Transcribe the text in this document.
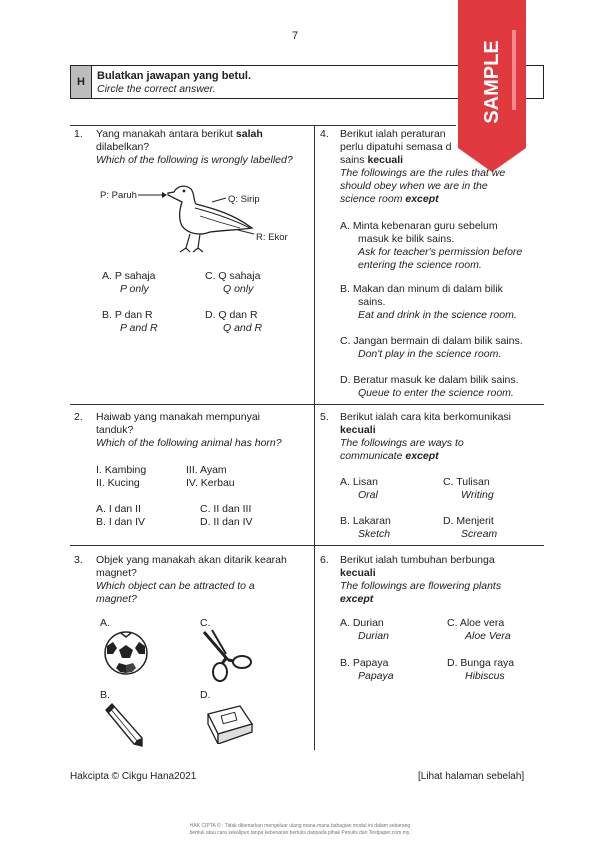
7
H	Bulatkan jawapan yang betul.
Circle the correct answer.	SAMPLE
1. Yang manakah antara berikut salah
dilabelkan?
Which of the following is wrongly labelled?
P: Paruh	Q: Sirip
R: Ekor
A. P sahaja
P only
C. Q sahaja
Q only
B. P dan R
P and R
D. Q dan R
Q and R
2. Haiwab yang manakah mempunyai
tanduk?
Which of the following animal has horn?
I. Kambing	III. Ayam
II. Kucing	IV. Kerbau
A. I dan II	C. II dan III
B. I dan IV	D. II dan IV
3. Objek yang manakah akan ditarik kearah
magnet?
Which object can be attracted to a
magnet?
A.	C.
B.	D.
4. Berikut ialah peraturan
perlu dipatuhi semasa d
sains kecuali
The followings are the rules that we
should obey when we are in the
science room except
A. Minta kebenaran guru sebelum
masuk ke bilik sains.
Ask for teacher's permission before
entering the science room.
B. Makan dan minum di dalam bilik
sains.
Eat and drink in the science room.
C. Jangan bermain di dalam bilik sains.
Don't play in the science room.
D. Beratur masuk ke dalam bilik sains.
Queue to enter the science room.
5. Berikut ialah cara kita berkomunikasi
kecuali
The followings are ways to
communicate except
A. Lisan
Oral
C. Tulisan
Writing
B. Lakaran
Sketch
D. Menjerit
Scream
6. Berikut ialah tumbuhan berbunga
kecuali
The followings are flowering plants
except
A. Durian
Durian
C. Aloe vera
Aloe Vera
B. Papaya
Papaya
D. Bunga raya
Hibiscus
Hakcipta © Cikgu Hana2021	[Lihat halaman sebelah]
HAK CIPTA © : Tidak dibenarkan mengeluar ulang mana-mana bahagian modul ini dalam sebarang
bentuk atau cara sekalipun tanpa kebenaran bertulis daripada pihak Penulis dan Testpaper.com.my.
